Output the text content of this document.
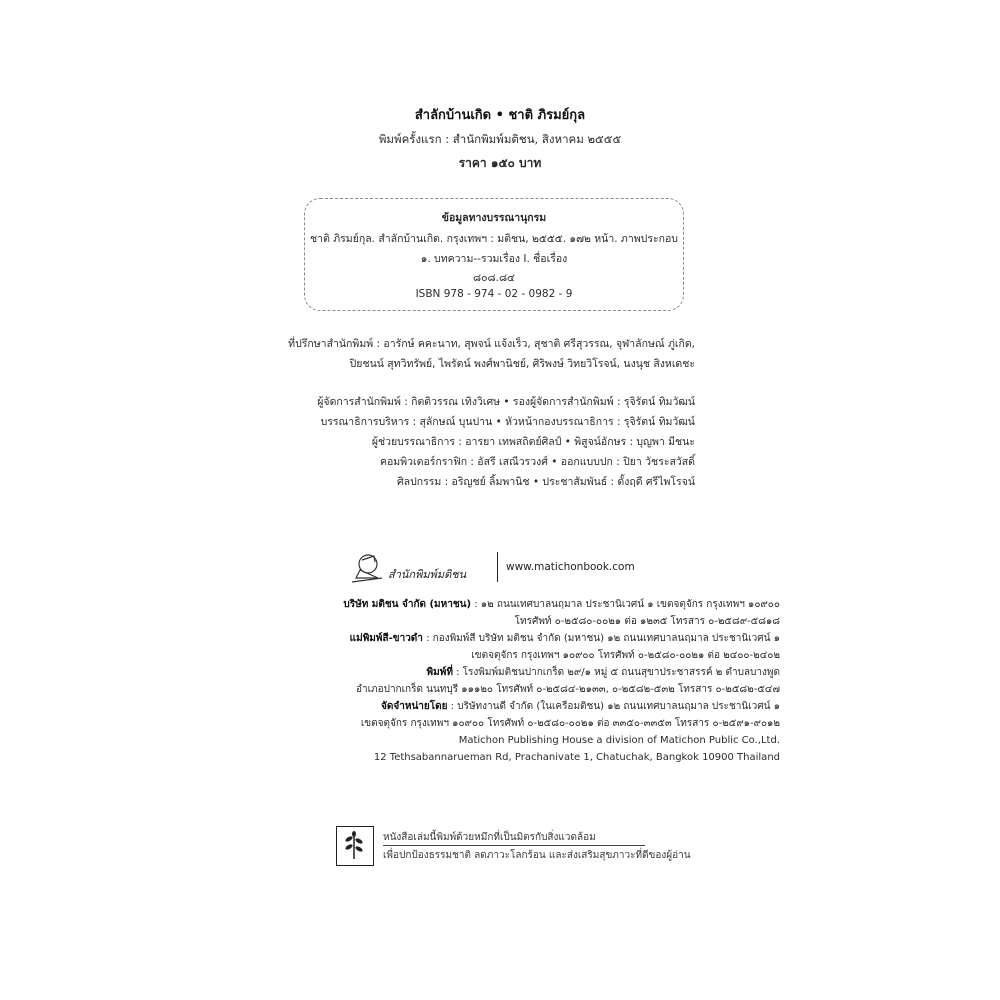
สำลักบ้านเกิด • ชาติ ภิรมย์กุล
พิมพ์ครั้งแรก : สำนักพิมพ์มติชน, สิงหาคม ๒๕๕๕
ราคา ๑๕๐ บาท
ข้อมูลทางบรรณานุกรม
ชาติ ภิรมย์กุล. สำลักบ้านเกิด. กรุงเทพฯ : มติชน, ๒๕๕๕. ๑๗๒ หน้า. ภาพประกอบ
๑. บทความ--รวมเรื่อง I. ชื่อเรื่อง
๘๐๘.๘๔
ISBN 978 - 974 - 02 - 0982 - 9
ที่ปรึกษาสำนักพิมพ์ : อารักษ์ คคะนาท, สุพจน์ แจ้งเร็ว, สุชาติ ศรีสุวรรณ, จุฬาลักษณ์ ภู่เกิด,
ปิยชนน์ สุทวิทรัพย์, ไพรัตน์ พงศ์พานิชย์, ศิริพงษ์ วิทยวิโรจน์, นงนุช สิงหเดชะ
ผู้จัดการสำนักพิมพ์ : กิตติวรรณ เทิงวิเศษ • รองผู้จัดการสำนักพิมพ์ : รุจิรัตน์ ทิมวัฒน์
บรรณาธิการบริหาร : สุลักษณ์ บุนปาน • หัวหน้ากองบรรณาธิการ : รุจิรัตน์ ทิมวัฒน์
ผู้ช่วยบรรณาธิการ : อารยา เทพสถิตย์ศิลป์ • พิสูจน์อักษร : บุญพา มีชนะ
คอมพิวเตอร์กราฟิก : อัสรี เสณีวรวงศ์ • ออกแบบปก : ปิยา วัชระสวัสดิ์
ศิลปกรรม : อริญชย์ ลิ้มพานิช • ประชาสัมพันธ์ : ตั้งฤดี ศรีไพโรจน์
สำนักพิมพ์มติชน
www.matichonbook.com
บริษัท มติชน จำกัด (มหาชน) : ๑๒ ถนนเทศบาลนฤมาล ประชานิเวศน์ ๑ เขตจตุจักร กรุงเทพฯ ๑๐๙๐๐
โทรศัพท์ ๐-๒๕๘๐-๐๐๒๑ ต่อ ๑๒๓๕ โทรสาร ๐-๒๕๘๙-๕๘๑๘
แม่พิมพ์สี-ขาวดำ : กองพิมพ์สี บริษัท มติชน จำกัด (มหาชน) ๑๒ ถนนเทศบาลนฤมาล ประชานิเวศน์ ๑
เขตจตุจักร กรุงเทพฯ ๑๐๙๐๐ โทรศัพท์ ๐-๒๕๘๐-๐๐๒๑ ต่อ ๒๔๐๐-๒๔๐๒
พิมพ์ที่ : โรงพิมพ์มติชนปากเกร็ด ๒๙/๑ หมู่ ๕ ถนนสุขาประชาสรรค์ ๒ ตำบลบางพูด
อำเภอปากเกร็ด นนทบุรี ๑๑๑๒๐ โทรศัพท์ ๐-๒๕๘๔-๒๑๓๓, ๐-๒๕๘๒-๕๓๒ โทรสาร ๐-๒๕๘๒-๕๔๗
จัดจำหน่ายโดย : บริษัทงานดี จำกัด (ในเครือมติชน) ๑๒ ถนนเทศบาลนฤมาล ประชานิเวศน์ ๑
เขตจตุจักร กรุงเทพฯ ๑๐๙๐๐ โทรศัพท์ ๐-๒๕๘๐-๐๐๒๑ ต่อ ๓๓๕๐-๓๓๕๓ โทรสาร ๐-๒๕๙๑-๙๐๑๒
Matichon Publishing House a division of Matichon Public Co.,Ltd.
12 Tethsabannarueman Rd, Prachanivate 1, Chatuchak, Bangkok 10900 Thailand
หนังสือเล่มนี้พิมพ์ด้วยหมึกที่เป็นมิตรกับสิ่งแวดล้อม
เพื่อปกป้องธรรมชาติ ลดภาวะโลกร้อน และส่งเสริมสุขภาวะที่ดีของผู้อ่าน
